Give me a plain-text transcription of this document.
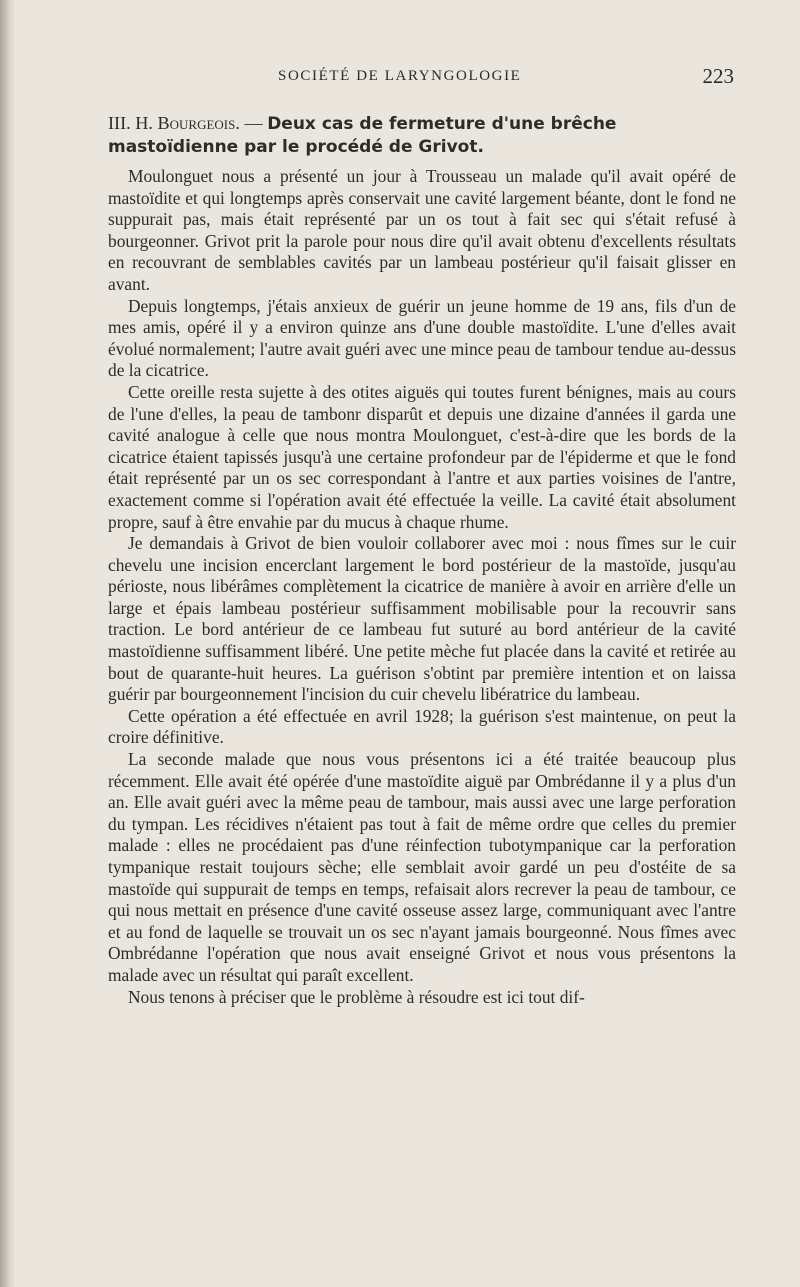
SOCIÉTÉ DE LARYNGOLOGIE	223

III. H. Bourgeois. — Deux cas de fermeture d'une brêche mastoïdienne par le procédé de Grivot.

Moulonguet nous a présenté un jour à Trousseau un malade qu'il avait opéré de mastoïdite et qui longtemps après conservait une cavité largement béante, dont le fond ne suppurait pas, mais était représenté par un os tout à fait sec qui s'était refusé à bourgeonner. Grivot prit la parole pour nous dire qu'il avait obtenu d'excellents résultats en recouvrant de semblables cavités par un lambeau postérieur qu'il faisait glisser en avant.

Depuis longtemps, j'étais anxieux de guérir un jeune homme de 19 ans, fils d'un de mes amis, opéré il y a environ quinze ans d'une double mastoïdite. L'une d'elles avait évolué normalement; l'autre avait guéri avec une mince peau de tambour tendue au-dessus de la cicatrice.

Cette oreille resta sujette à des otites aiguës qui toutes furent bénignes, mais au cours de l'une d'elles, la peau de tambonr disparût et depuis une dizaine d'années il garda une cavité analogue à celle que nous montra Moulonguet, c'est-à-dire que les bords de la cicatrice étaient tapissés jusqu'à une certaine profondeur par de l'épiderme et que le fond était représenté par un os sec correspondant à l'antre et aux parties voisines de l'antre, exactement comme si l'opération avait été effectuée la veille. La cavité était absolument propre, sauf à être envahie par du mucus à chaque rhume.

Je demandais à Grivot de bien vouloir collaborer avec moi : nous fîmes sur le cuir chevelu une incision encerclant largement le bord postérieur de la mastoïde, jusqu'au périoste, nous libérâmes complètement la cicatrice de manière à avoir en arrière d'elle un large et épais lambeau postérieur suffisamment mobilisable pour la recouvrir sans traction. Le bord antérieur de ce lambeau fut suturé au bord antérieur de la cavité mastoïdienne suffisamment libéré. Une petite mèche fut placée dans la cavité et retirée au bout de quarante-huit heures. La guérison s'obtint par première intention et on laissa guérir par bourgeonnement l'incision du cuir chevelu libératrice du lambeau.

Cette opération a été effectuée en avril 1928; la guérison s'est maintenue, on peut la croire définitive.

La seconde malade que nous vous présentons ici a été traitée beaucoup plus récemment. Elle avait été opérée d'une mastoïdite aiguë par Ombrédanne il y a plus d'un an. Elle avait guéri avec la même peau de tambour, mais aussi avec une large perforation du tympan. Les récidives n'étaient pas tout à fait de même ordre que celles du premier malade : elles ne procédaient pas d'une réinfection tubotympanique car la perforation tympanique restait toujours sèche; elle semblait avoir gardé un peu d'ostéite de sa mastoïde qui suppurait de temps en temps, refaisait alors recrever la peau de tambour, ce qui nous mettait en présence d'une cavité osseuse assez large, communiquant avec l'antre et au fond de laquelle se trouvait un os sec n'ayant jamais bourgeonné. Nous fîmes avec Ombrédanne l'opération que nous avait enseigné Grivot et nous vous présentons la malade avec un résultat qui paraît excellent.

Nous tenons à préciser que le problème à résoudre est ici tout dif-
